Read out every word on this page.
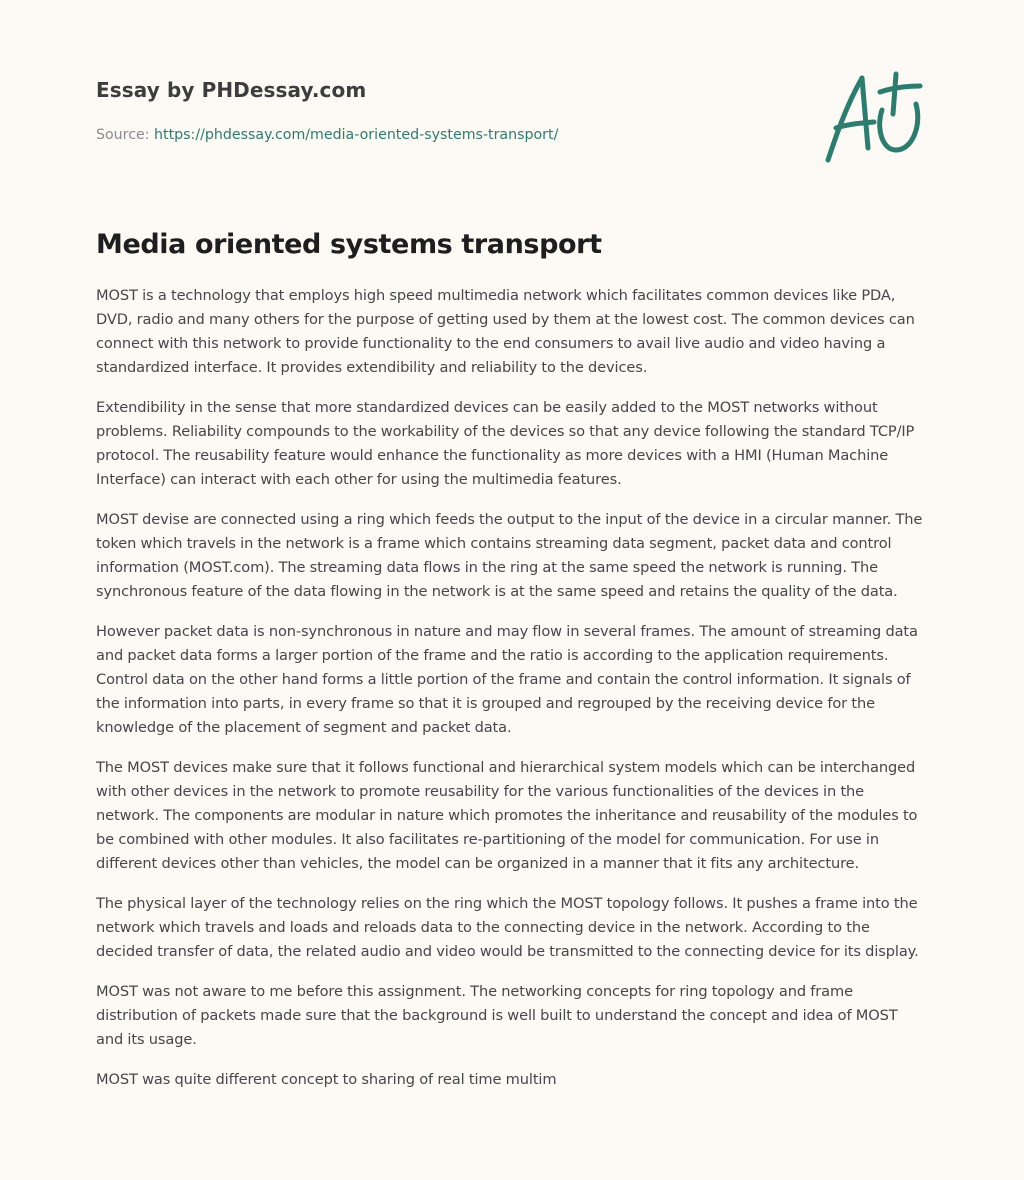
Essay by PHDessay.com
Source: https://phdessay.com/media-oriented-systems-transport/
Media oriented systems transport

MOST is a technology that employs high speed multimedia network which facilitates common devices like PDA, DVD, radio and many others for the purpose of getting used by them at the lowest cost. The common devices can connect with this network to provide functionality to the end consumers to avail live audio and video having a standardized interface. It provides extendibility and reliability to the devices.

Extendibility in the sense that more standardized devices can be easily added to the MOST networks without problems. Reliability compounds to the workability of the devices so that any device following the standard TCP/IP protocol. The reusability feature would enhance the functionality as more devices with a HMI (Human Machine Interface) can interact with each other for using the multimedia features.

MOST devise are connected using a ring which feeds the output to the input of the device in a circular manner. The token which travels in the network is a frame which contains streaming data segment, packet data and control information (MOST.com). The streaming data flows in the ring at the same speed the network is running. The synchronous feature of the data flowing in the network is at the same speed and retains the quality of the data.

However packet data is non-synchronous in nature and may flow in several frames. The amount of streaming data and packet data forms a larger portion of the frame and the ratio is according to the application requirements. Control data on the other hand forms a little portion of the frame and contain the control information. It signals of the information into parts, in every frame so that it is grouped and regrouped by the receiving device for the knowledge of the placement of segment and packet data.

The MOST devices make sure that it follows functional and hierarchical system models which can be interchanged with other devices in the network to promote reusability for the various functionalities of the devices in the network. The components are modular in nature which promotes the inheritance and reusability of the modules to be combined with other modules. It also facilitates re-partitioning of the model for communication. For use in different devices other than vehicles, the model can be organized in a manner that it fits any architecture.

The physical layer of the technology relies on the ring which the MOST topology follows. It pushes a frame into the network which travels and loads and reloads data to the connecting device in the network. According to the decided transfer of data, the related audio and video would be transmitted to the connecting device for its display.

MOST was not aware to me before this assignment. The networking concepts for ring topology and frame distribution of packets made sure that the background is well built to understand the concept and idea of MOST and its usage.

MOST was quite different concept to sharing of real time multim
